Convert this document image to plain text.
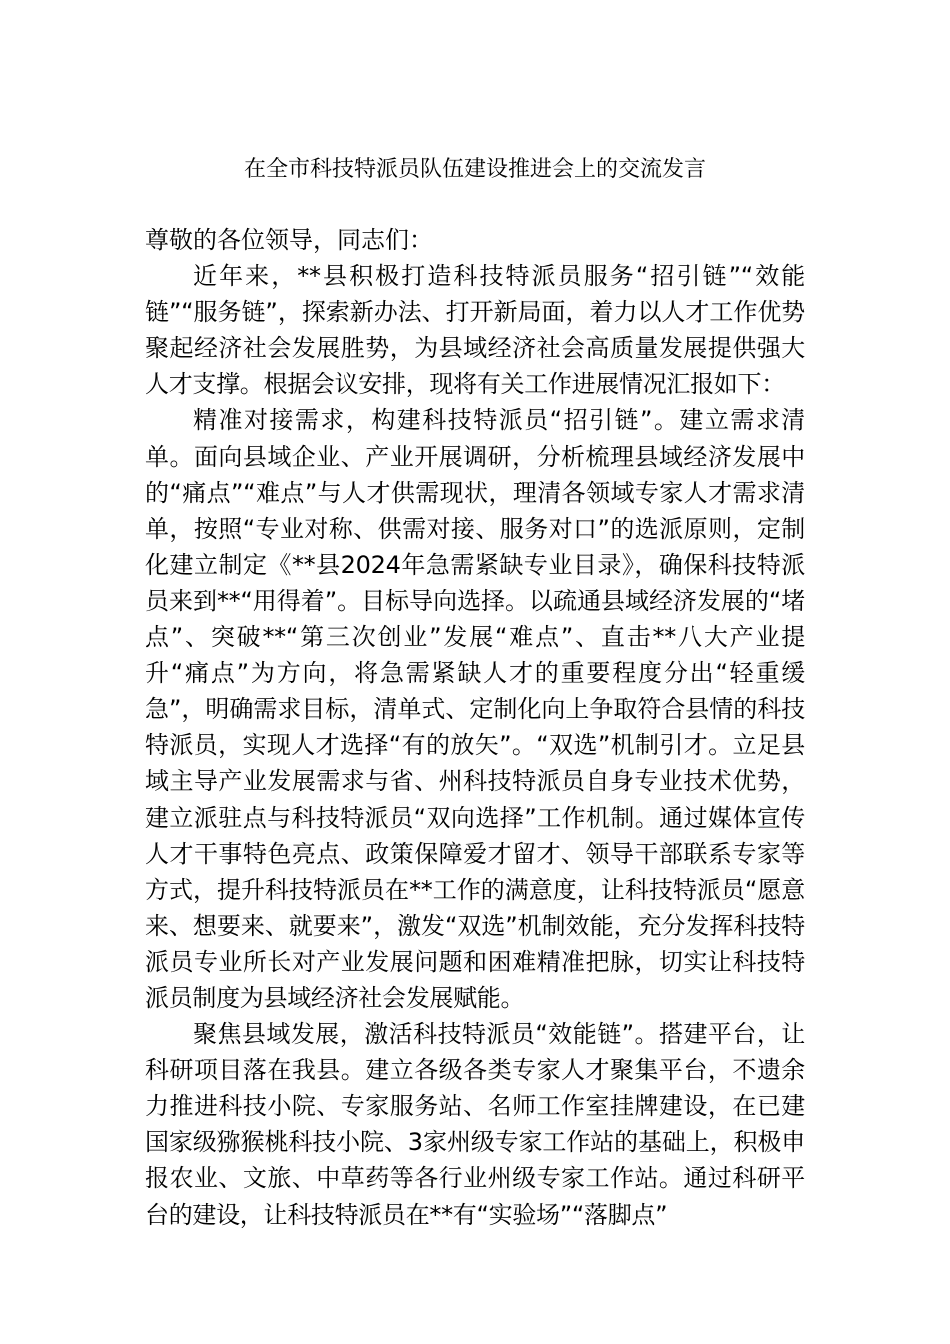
在全市科技特派员队伍建设推进会上的交流发言

尊敬的各位领导，同志们：

近年来，**县积极打造科技特派员服务“招引链”“效能链”“服务链”，探索新办法、打开新局面，着力以人才工作优势聚起经济社会发展胜势，为县域经济社会高质量发展提供强大人才支撑。根据会议安排，现将有关工作进展情况汇报如下：

精准对接需求，构建科技特派员“招引链”。建立需求清单。面向县域企业、产业开展调研，分析梳理县域经济发展中的“痛点”“难点”与人才供需现状，理清各领域专家人才需求清单，按照“专业对称、供需对接、服务对口”的选派原则，定制化建立制定《**县2024年急需紧缺专业目录》，确保科技特派员来到**“用得着”。目标导向选择。以疏通县域经济发展的“堵点”、突破**“第三次创业”发展“难点”、直击**八大产业提升“痛点”为方向，将急需紧缺人才的重要程度分出“轻重缓急”，明确需求目标，清单式、定制化向上争取符合县情的科技特派员，实现人才选择“有的放矢”。“双选”机制引才。立足县域主导产业发展需求与省、州科技特派员自身专业技术优势，建立派驻点与科技特派员“双向选择”工作机制。通过媒体宣传人才干事特色亮点、政策保障爱才留才、领导干部联系专家等方式，提升科技特派员在**工作的满意度，让科技特派员“愿意来、想要来、就要来”，激发“双选”机制效能，充分发挥科技特派员专业所长对产业发展问题和困难精准把脉，切实让科技特派员制度为县域经济社会发展赋能。

聚焦县域发展，激活科技特派员“效能链”。搭建平台，让科研项目落在我县。建立各级各类专家人才聚集平台，不遗余力推进科技小院、专家服务站、名师工作室挂牌建设，在已建国家级猕猴桃科技小院、3家州级专家工作站的基础上，积极申报农业、文旅、中草药等各行业州级专家工作站。通过科研平台的建设，让科技特派员在**有“实验场”“落脚点”
